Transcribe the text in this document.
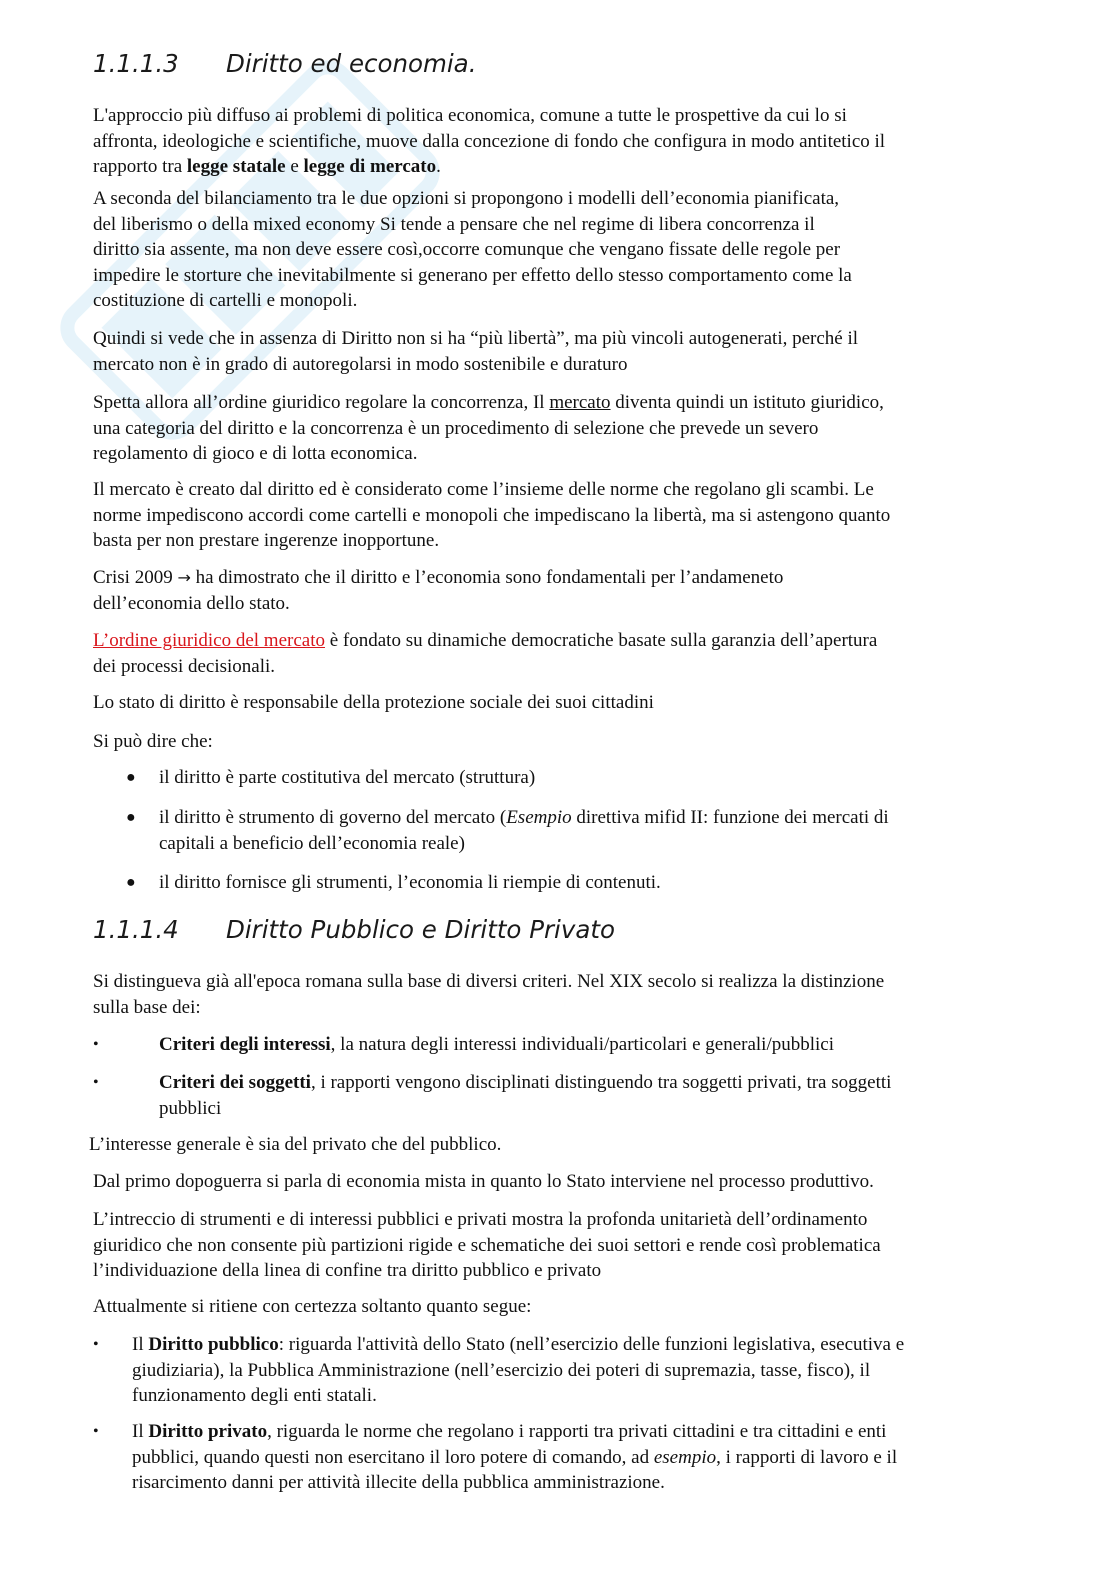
1.1.1.3 Diritto ed economia.
L'approccio più diffuso ai problemi di politica economica, comune a tutte le prospettive da cui lo si
affronta, ideologiche e scientifiche, muove dalla concezione di fondo che configura in modo antitetico il
rapporto tra legge statale e legge di mercato.
A seconda del bilanciamento tra le due opzioni si propongono i modelli dell’economia pianificata,
del liberismo o della mixed economy Si tende a pensare che nel regime di libera concorrenza il
diritto sia assente, ma non deve essere così,occorre comunque che vengano fissate delle regole per
impedire le storture che inevitabilmente si generano per effetto dello stesso comportamento come la
costituzione di cartelli e monopoli.
Quindi si vede che in assenza di Diritto non si ha “più libertà”, ma più vincoli autogenerati, perché il
mercato non è in grado di autoregolarsi in modo sostenibile e duraturo
Spetta allora all’ordine giuridico regolare la concorrenza, Il mercato diventa quindi un istituto giuridico,
una categoria del diritto e la concorrenza è un procedimento di selezione che prevede un severo
regolamento di gioco e di lotta economica.
Il mercato è creato dal diritto ed è considerato come l’insieme delle norme che regolano gli scambi. Le
norme impediscono accordi come cartelli e monopoli che impediscano la libertà, ma si astengono quanto
basta per non prestare ingerenze inopportune.
Crisi 2009 → ha dimostrato che il diritto e l’economia sono fondamentali per l’andameneto
dell’economia dello stato.
L’ordine giuridico del mercato è fondato su dinamiche democratiche basate sulla garanzia dell’apertura
dei processi decisionali.
Lo stato di diritto è responsabile della protezione sociale dei suoi cittadini
Si può dire che:
● il diritto è parte costitutiva del mercato (struttura)
● il diritto è strumento di governo del mercato (Esempio direttiva mifid II: funzione dei mercati di
capitali a beneficio dell’economia reale)
● il diritto fornisce gli strumenti, l’economia li riempie di contenuti.
1.1.1.4 Diritto Pubblico e Diritto Privato
Si distingueva già all'epoca romana sulla base di diversi criteri. Nel XIX secolo si realizza la distinzione
sulla base dei:
•	Criteri degli interessi, la natura degli interessi individuali/particolari e generali/pubblici
•	Criteri dei soggetti, i rapporti vengono disciplinati distinguendo tra soggetti privati, tra soggetti
pubblici
L’interesse generale è sia del privato che del pubblico.
Dal primo dopoguerra si parla di economia mista in quanto lo Stato interviene nel processo produttivo.
L’intreccio di strumenti e di interessi pubblici e privati mostra la profonda unitarietà dell’ordinamento
giuridico che non consente più partizioni rigide e schematiche dei suoi settori e rende così problematica
l’individuazione della linea di confine tra diritto pubblico e privato
Attualmente si ritiene con certezza soltanto quanto segue:
• Il Diritto pubblico: riguarda l'attività dello Stato (nell’esercizio delle funzioni legislativa, esecutiva e
giudiziaria), la Pubblica Amministrazione (nell’esercizio dei poteri di supremazia, tasse, fisco), il
funzionamento degli enti statali.
• Il Diritto privato, riguarda le norme che regolano i rapporti tra privati cittadini e tra cittadini e enti
pubblici, quando questi non esercitano il loro potere di comando, ad esempio, i rapporti di lavoro e il
risarcimento danni per attività illecite della pubblica amministrazione.
